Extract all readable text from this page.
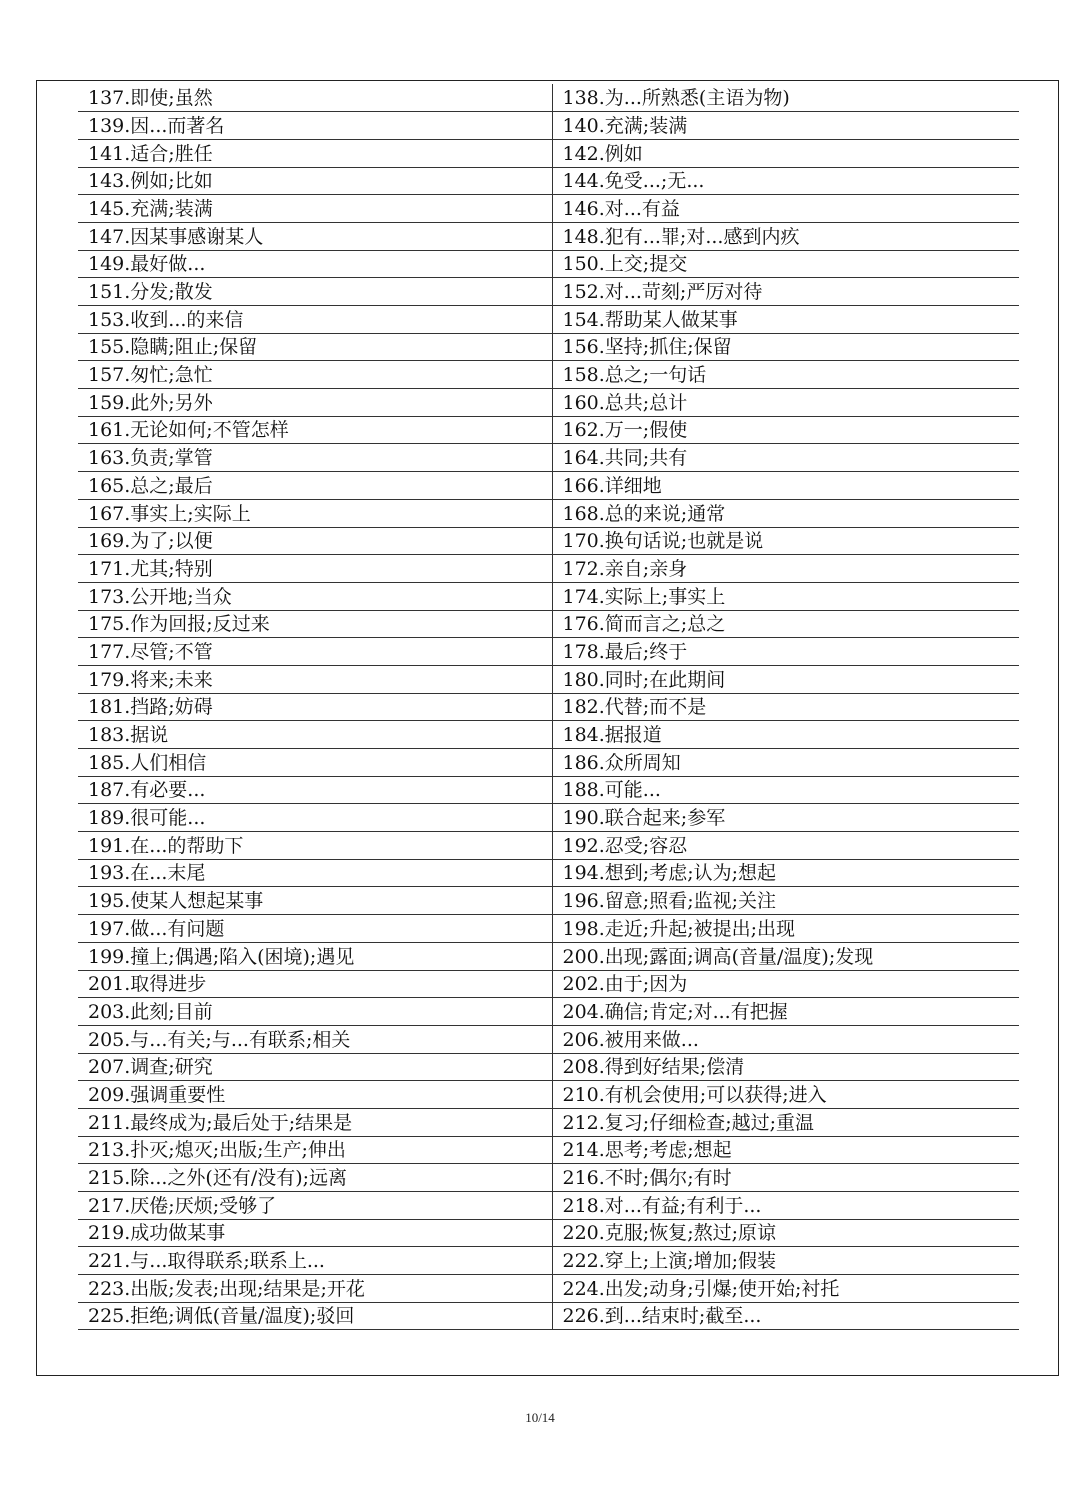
137.即使;虽然	138.为...所熟悉(主语为物)
139.因...而著名	140.充满;装满
141.适合;胜任	142.例如
143.例如;比如	144.免受...;无...
145.充满;装满	146.对...有益
147.因某事感谢某人	148.犯有...罪;对...感到内疚
149.最好做...	150.上交;提交
151.分发;散发	152.对...苛刻;严厉对待
153.收到...的来信	154.帮助某人做某事
155.隐瞒;阻止;保留	156.坚持;抓住;保留
157.匆忙;急忙	158.总之;一句话
159.此外;另外	160.总共;总计
161.无论如何;不管怎样	162.万一;假使
163.负责;掌管	164.共同;共有
165.总之;最后	166.详细地
167.事实上;实际上	168.总的来说;通常
169.为了;以便	170.换句话说;也就是说
171.尤其;特别	172.亲自;亲身
173.公开地;当众	174.实际上;事实上
175.作为回报;反过来	176.简而言之;总之
177.尽管;不管	178.最后;终于
179.将来;未来	180.同时;在此期间
181.挡路;妨碍	182.代替;而不是
183.据说	184.据报道
185.人们相信	186.众所周知
187.有必要...	188.可能...
189.很可能...	190.联合起来;参军
191.在...的帮助下	192.忍受;容忍
193.在...末尾	194.想到;考虑;认为;想起
195.使某人想起某事	196.留意;照看;监视;关注
197.做...有问题	198.走近;升起;被提出;出现
199.撞上;偶遇;陷入(困境);遇见	200.出现;露面;调高(音量/温度);发现
201.取得进步	202.由于;因为
203.此刻;目前	204.确信;肯定;对...有把握
205.与...有关;与...有联系;相关	206.被用来做...
207.调查;研究	208.得到好结果;偿清
209.强调重要性	210.有机会使用;可以获得;进入
211.最终成为;最后处于;结果是	212.复习;仔细检查;越过;重温
213.扑灭;熄灭;出版;生产;伸出	214.思考;考虑;想起
215.除...之外(还有/没有);远离	216.不时;偶尔;有时
217.厌倦;厌烦;受够了	218.对...有益;有利于...
219.成功做某事	220.克服;恢复;熬过;原谅
221.与...取得联系;联系上...	222.穿上;上演;增加;假装
223.出版;发表;出现;结果是;开花	224.出发;动身;引爆;使开始;衬托
225.拒绝;调低(音量/温度);驳回	226.到...结束时;截至...
10/14
